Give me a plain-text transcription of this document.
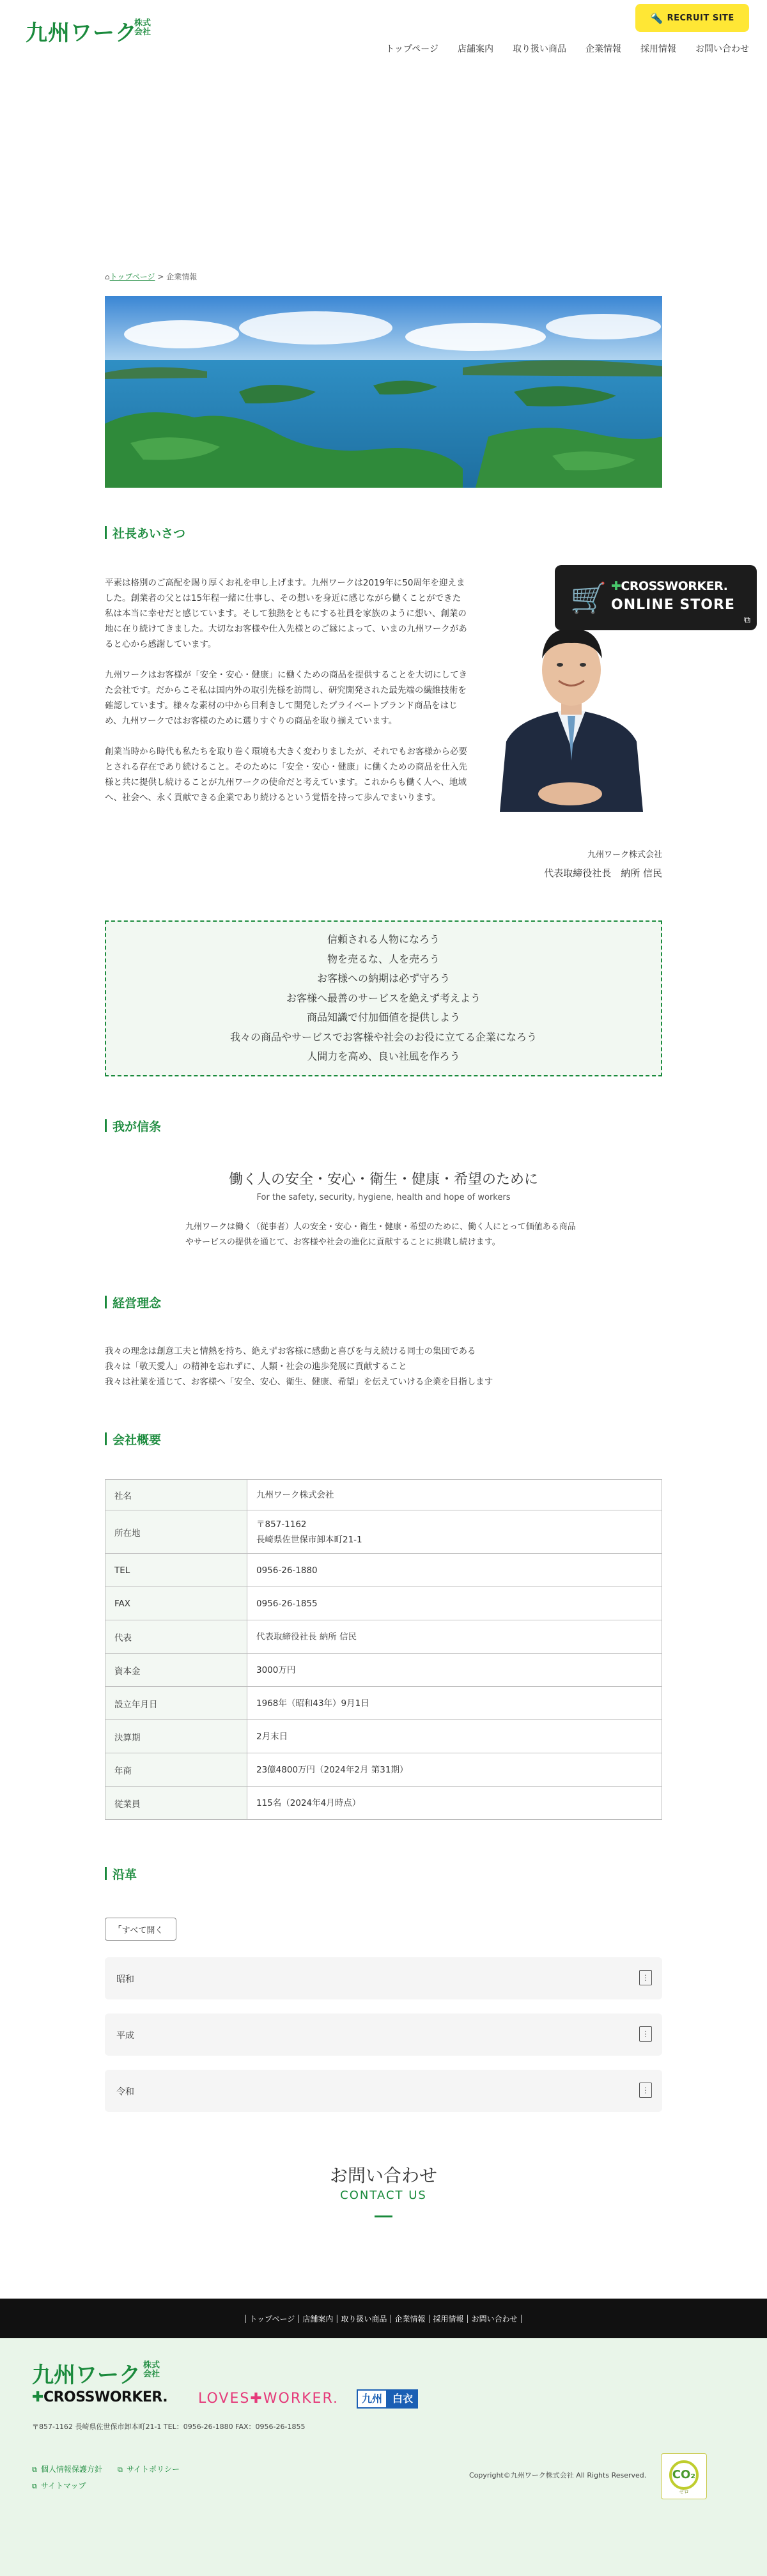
九州ワーク
株式
会社
🔦 RECRUIT SITE
トップページ 店舗案内 取り扱い商品 企業情報 採用情報 お問い合わせ
⌂トップページ > 企業情報
社長あいさつ

平素は格別のご高配を賜り厚くお礼を申し上げます。九州ワークは2019年に50周年を迎えました。創業者の父とは15年程一緒に仕事し、その想いを身近に感じながら働くことができた私は本当に幸せだと感じています。そして独熱をともにする社員を家族のように想い、創業の地に在り続けてきました。大切なお客様や仕入先様とのご縁によって、いまの九州ワークがあると心から感謝しています。

九州ワークはお客様が「安全・安心・健康」に働くための商品を提供することを大切にしてきた会社です。だからこそ私は国内外の取引先様を訪問し、研究開発された最先端の繊維技術を確認しています。様々な素材の中から目利きして開発したプライベートブランド商品をはじめ、九州ワークではお客様のために選りすぐりの商品を取り揃えています。

創業当時から時代も私たちを取り巻く環境も大きく変わりましたが、それでもお客様から必要とされる存在であり続けること。そのために「安全・安心・健康」に働くための商品を仕入先様と共に提供し続けることが九州ワークの使命だと考えています。これからも働く人へ、地域へ、社会へ、永く貢献できる企業であり続けるという覚悟を持って歩んでまいります。

九州ワーク株式会社
代表取締役社長　納所 信民
🛒 ✚CROSSWORKER.
ONLINE STORE
⧉
信頼される人物になろう
物を売るな、人を売ろう
お客様への納期は必ず守ろう
お客様へ最善のサービスを絶えず考えよう
商品知識で付加価値を提供しよう
我々の商品やサービスでお客様や社会のお役に立てる企業になろう
人間力を高め、良い社風を作ろう
我が信条
働く人の安全・安心・衛生・健康・希望のために
For the safety, security, hygiene, health and hope of workers
九州ワークは働く（従事者）人の安全・安心・衛生・健康・希望のために、働く人にとって価値ある商品やサービスの提供を通じて、お客様や社会の進化に貢献することに挑戦し続けます。
経営理念
我々の理念は創意工夫と情熱を持ち、絶えずお客様に感動と喜びを与え続ける同士の集団である
我々は「敬天愛人」の精神を忘れずに、人類・社会の進歩発展に貢献すること
我々は社業を通じて、お客様へ「安全、安心、衛生、健康、希望」を伝えていける企業を目指します
会社概要
社名	九州ワーク株式会社
所在地	〒857-1162
長崎県佐世保市卸本町21-1

TEL	0956-26-1880
FAX	0956-26-1855
代表	代表取締役社長 納所 信民
資本金	3000万円
設立年月日	1968年（昭和43年）9月1日
決算期	2月末日
年商	23億4800万円（2024年2月 第31期）
従業員	115名（2024年4月時点）
沿革
⌜ すべて開く
昭和	⋮
平成	⋮
令和	⋮
お問い合わせ
CONTACT US
| トップページ | 店舗案内 | 取り扱い商品 | 企業情報 | 採用情報 | お問い合わせ |
九州ワーク 株式
会社
✚CROSSWORKER. LOVES✚WORKER.	九州	白衣
〒857-1162 長崎県佐世保市卸本町21-1 TEL：0956-26-1880 FAX：0956-26-1855
⧉ 個人情報保護方針 ⧉ サイトポリシー
⧉ サイトマップ
Copyright©九州ワーク株式会社 All Rights Reserved. CO₂
ゼロ
